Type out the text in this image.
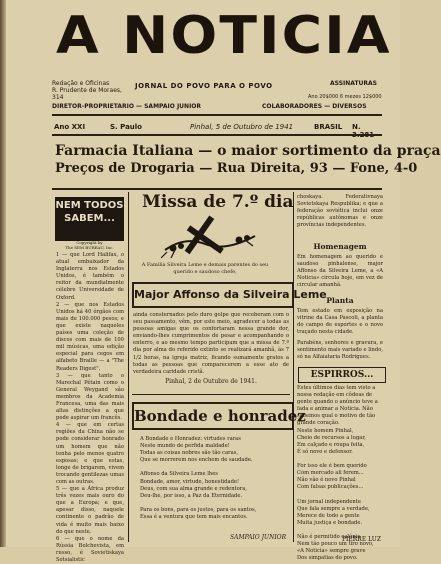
A NOTICIA
Redação e Oficinas
R. Prudente de Moraes, 314
JORNAL DO POVO PARA O POVO	ASSINATURAS
Ano 20$000 6 mezes 12$000
DIRETOR-PROPRIETARIO — SAMPAIO JUNIOR	COLABORADORES — DIVERSOS
Ano XXI	S. Paulo	Pinhal, 5 de Outubro de 1941	BRASIL N.
Farmacia Italiana — o maior sortimento da praça
Preços de Drogaria — Rua Direita, 93 — Fone, 4-0
NEM TODOS
SABEM...
Copyright by
The SEM BUREAU, Inc.

1 — que Lord Halifax, o atual embaixador da Inglaterra nos Estados Unidos, é também o reitor da mundialmente célebre Universidade de Oxford.
2 — que nos Estados Unidos há 40 órgãos com mais de 100.000 pesos; e que existe naqueles países uma coleção de discos com mais de 100 mil músicas, uma edição especial para cegos em alfabeto Braille — a "The Readers Digest".
3 — que tanto o Marechal Pétain como o General Weygand são membros da Academia Francesa, uma das mais altas distinções a que pode aspirar um francês.
4 — que em certas regiões da China não se pode considerar honrado um homem que não tenha pelo menos quatro esposas; e que estas, longe de brigarem, vivem trocando gentilezas umas com as outras.
5 — que a África produz três vezes mais ouro do que a Europa; e que, apesar disso, naquele continente o padrão de vida é muito mais baixo do que neste.
6 — que o nome da Rússia Bolchevista, em russo, é Sovietiskaya Sotsialistic

Missa de 7.º dia
A Familia Silveira Leme e demais parentes do seu querido e saudoso chefe,
Major Affonso da Silveira Leme

ainda consternados pelo duro golpe que receberam com o seu passamento, vêm, por este meio, agradecer a todas as pessoas amigas que os confortaram nessa grande dor, enviando-lhes cumprimentos de pesar e acompanhando o enterro, e ao mesmo tempo participam que a missa de 7.º dia por alma do referido extinto se realizará amanhã, às 7 1/2 horas, na igreja matriz, ficando sumamente gratos a todas as pessoas que comparecerem a esse ato de verdadeira caridade cristã.

Pinhal, 2 de Outubro de 1941.

Bondade e honradez

A Bondade e Honradez: virtudes raras
Neste mundo de perfida maldade!
Todas as coisas nobres são tão caras,
Que se morrerem nos enchem de saudade.

Affonso da Silveira Leme lhes
Bondade, amor, virtude, honestidade!
Deus, com sua alma grande e redentora,
Deu-lhe, por isso, a Paz da Eternidade.

Para os bons, para os justos, para os santos,
Essa é a ventura que tem mais encantos.

SAMPAIO JUNIOR

choskaya. Federativnaya Sovietskaya Respublika; e que a federação soviética inclui onze repúblicas autônomas e onze províncias independentes.

Homenagem

Em homenagem ao querido e saudoso pinhalense, major Affonso da Silveira Leme, a «A Noticia» circula hoje, em vez de circular amanhã.

Planta

Tem estado em exposição na vitrine da Casa Pascoli, a planta do campo de esportes e o novo traçado nesta cidade.

Parabéns, senhores e gravura, e sentimento mais variado e lindo, só na Alfaiataria Rodrigues.

ESPIRROS...

Estes últimos dias tem visto a nossa redação em côdeas de gente quando o anúncio teve a fada e animar a Noticia. Não sabemos qual o motivo de tão grande coração.
Neste homem Pinhal,
Cheio de recursos a lugar,
Em calçado e roupa feita,
É só novo e defensor.

For isso ele é bem querido
Com mercado ali ferem...
Não vão é novo Pinhal
Com falsas publicações...

Um jornal independente
Que fala sempre a verdade,
Merece de todo a gente
Muita justiça e bondade.

Não é permitido calúnia
Nem tão pouco um tiro novo,
«A Noticia» sempre grave
Dos simpatias do povo.

PIERRE LUZ
